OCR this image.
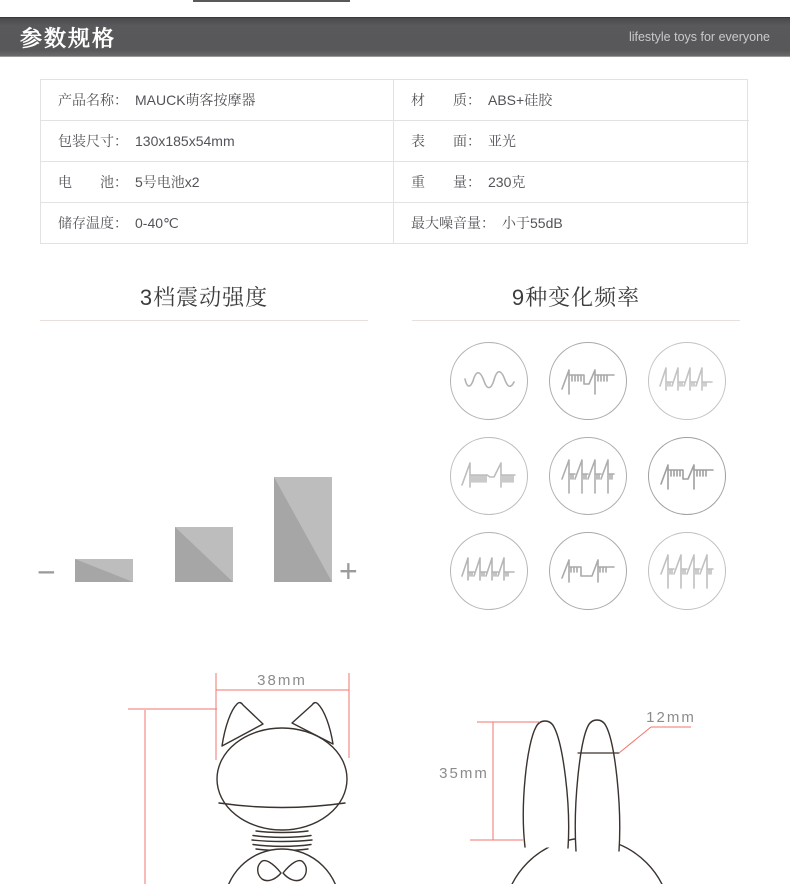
参数规格	lifestyle toys for everyone
产品名称： MAUCK萌客按摩器	材　　质： ABS+硅胶
包装尺寸： 130x185x54mm	表　　面： 亚光
电　　池： 5号电池x2	重　　量： 230克
储存温度： 0-40℃	最大噪音量： 小于55dB
3档震动强度	9种变化频率
−	+
38mm
35mm
12mm
